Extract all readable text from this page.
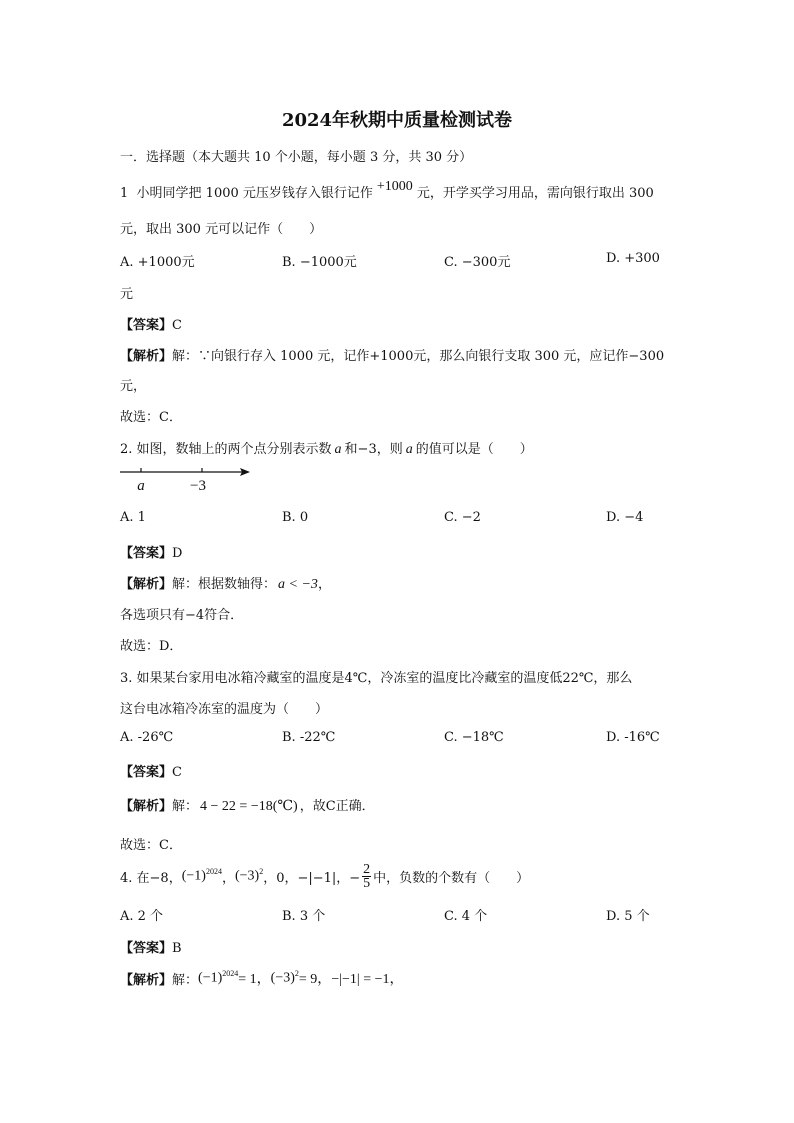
2024年秋期中质量检测试卷
一．选择题（本大题共 10 个小题，每小题 3 分，共 30 分）
1 小明同学把 1000 元压岁钱存入银行记作 +1000 元，开学买学习用品，需向银行取出 300
元，取出 300 元可以记作（　　）
A. +1000元	B. −1000元	C. −300元	D. +300
元
【答案】C
【解析】解：∵向银行存入 1000 元，记作+1000元，那么向银行支取 300 元，应记作−300
元，
故选：C．
2. 如图，数轴上的两个点分别表示数 a 和−3，则 a 的值可以是（　　）
a	−3
A. 1	B. 0	C. −2	D. −4
【答案】D
【解析】解：根据数轴得： a < −3，
各选项只有−4符合．
故选：D．
3. 如果某台家用电冰箱冷藏室的温度是4℃，冷冻室的温度比冷藏室的温度低22℃，那么
这台电冰箱冷冻室的温度为（　　）
A. -26℃	B. -22℃	C. −18℃	D. -16℃
【答案】C
【解析】解： 4 − 22 = −18(℃) ，故C正确．
故选：C．
4. 在−8， $(-1)^{2024}$ ， $(-3)^2$ ，0，−|−1|，− $\frac{2}{5}$ 中，负数的个数有（　　）
A. 2 个	B. 3 个	C. 4 个	D. 5 个
【答案】B
【解析】 解： $(-1)^{2024} = 1$， $(-3)^2 = 9$， −|−1| = −1，
